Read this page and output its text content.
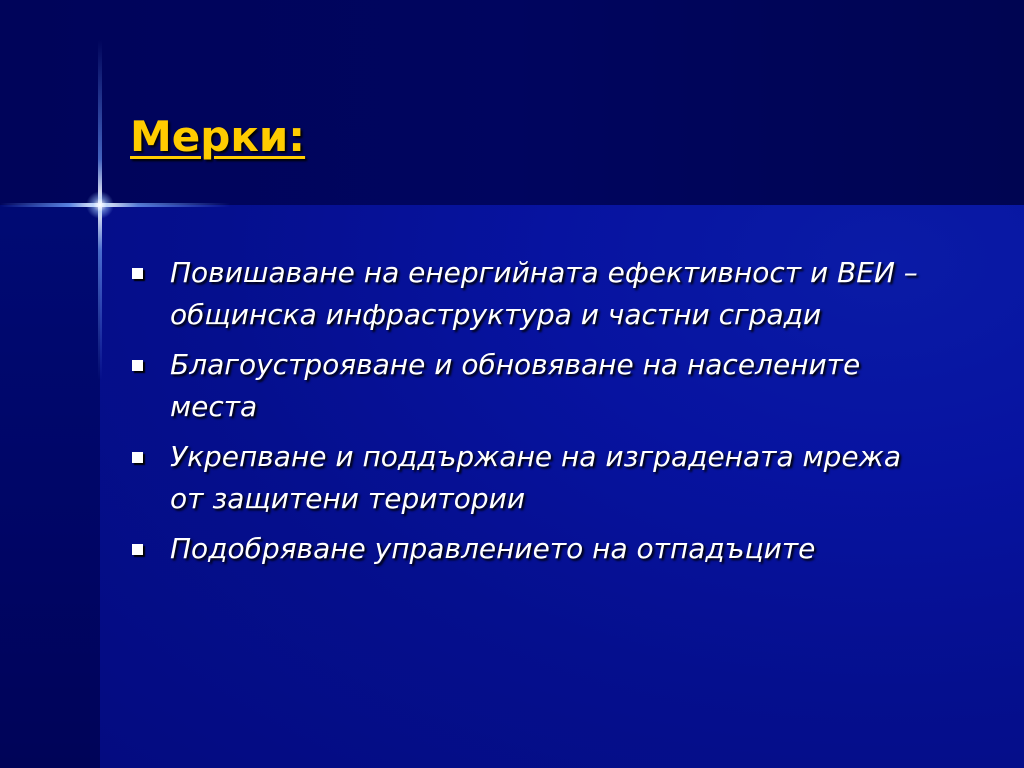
Мерки:
Повишаване на енергийната ефективност и ВЕИ – общинска инфраструктура и частни сгради
Благоустрояване и обновяване на населените места
Укрепване и поддържане на изградената мрежа от защитени територии
Подобряване управлението на отпадъците
